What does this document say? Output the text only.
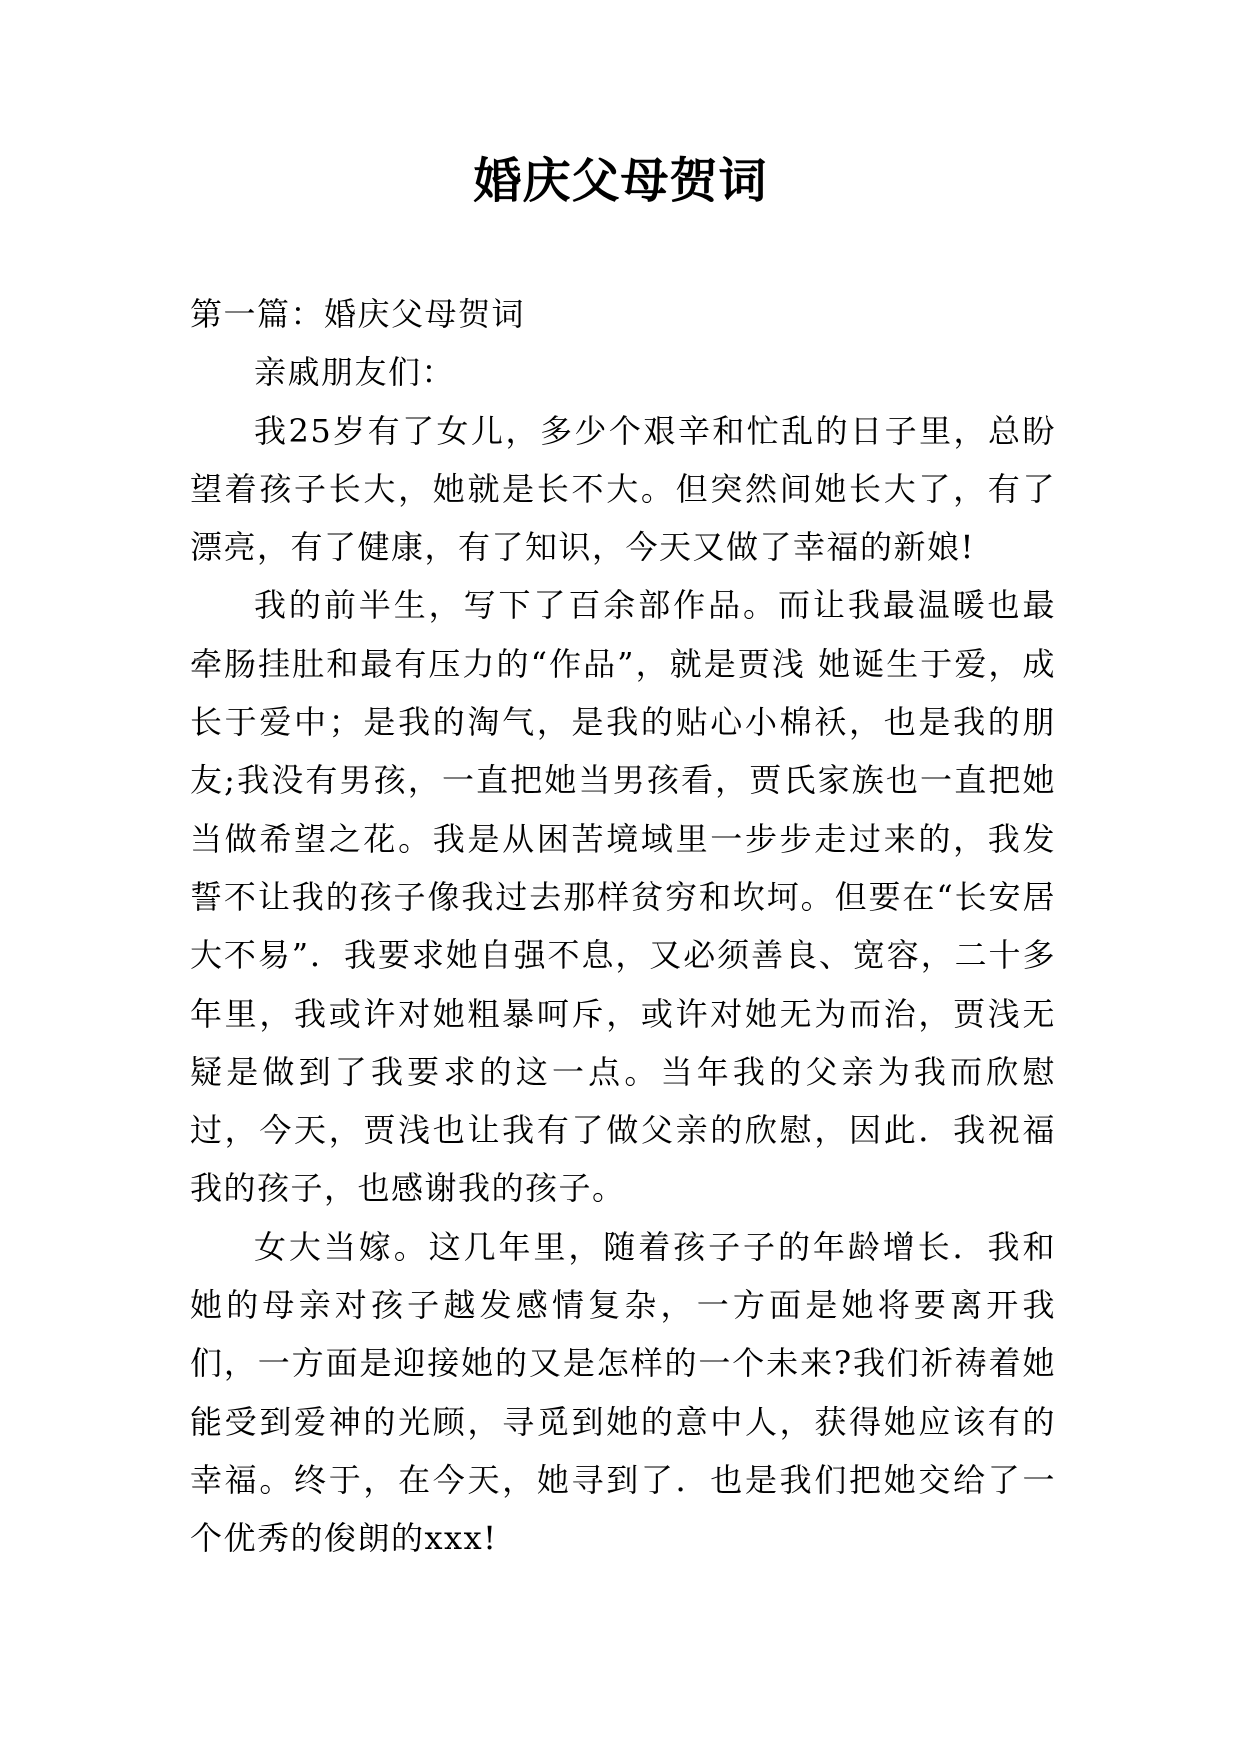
婚庆父母贺词

第一篇：婚庆父母贺词

亲戚朋友们：

我25岁有了女儿，多少个艰辛和忙乱的日子里，总盼望着孩子长大，她就是长不大。但突然间她长大了，有了漂亮，有了健康，有了知识，今天又做了幸福的新娘!

我的前半生，写下了百余部作品。而让我最温暖也最牵肠挂肚和最有压力的“作品”，就是贾浅 她诞生于爱，成长于爱中；是我的淘气，是我的贴心小棉袄，也是我的朋友;我没有男孩，一直把她当男孩看，贾氏家族也一直把她当做希望之花。我是从困苦境域里一步步走过来的，我发誓不让我的孩子像我过去那样贫穷和坎坷。但要在“长安居大不易”．我要求她自强不息，又必须善良、宽容，二十多年里，我或许对她粗暴呵斥，或许对她无为而治，贾浅无疑是做到了我要求的这一点。当年我的父亲为我而欣慰过，今天，贾浅也让我有了做父亲的欣慰，因此．我祝福我的孩子，也感谢我的孩子。

女大当嫁。这几年里，随着孩子子的年龄增长．我和她的母亲对孩子越发感情复杂，一方面是她将要离开我们，一方面是迎接她的又是怎样的一个未来?我们祈祷着她能受到爱神的光顾，寻觅到她的意中人，获得她应该有的幸福。终于，在今天，她寻到了．也是我们把她交给了一个优秀的俊朗的xxx!
